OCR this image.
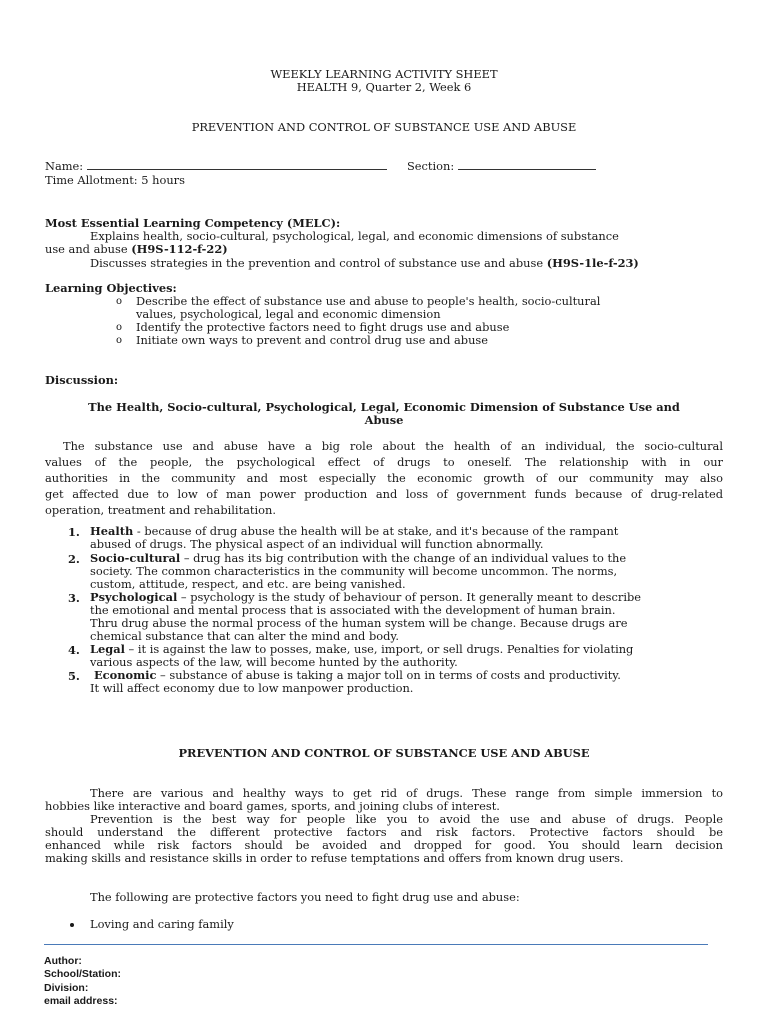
WEEKLY LEARNING ACTIVITY SHEET
HEALTH 9, Quarter 2, Week 6
PREVENTION AND CONTROL OF SUBSTANCE USE AND ABUSE
Name:	Section:
Time Allotment: 5 hours
Most Essential Learning Competency (MELC):
Explains health, socio-cultural, psychological, legal, and economic dimensions of substance
use and abuse (H9S-112-f-22)
Discusses strategies in the prevention and control of substance use and abuse (H9S-1le-f-23)
Learning Objectives:
o Describe the effect of substance use and abuse to people's health, socio-cultural
values, psychological, legal and economic dimension
o Identify the protective factors need to fight drugs use and abuse
o Initiate own ways to prevent and control drug use and abuse
Discussion:
The Health, Socio-cultural, Psychological, Legal, Economic Dimension of Substance Use and
Abuse
The substance use and abuse have a big role about the health of an individual, the socio-cultural
values of the people, the psychological effect of drugs to oneself. The relationship with in our
authorities in the community and most especially the economic growth of our community may also
get affected due to low of man power production and loss of government funds because of drug-related
operation, treatment and rehabilitation.
1. Health - because of drug abuse the health will be at stake, and it's because of the rampant
abused of drugs. The physical aspect of an individual will function abnormally.
2. Socio-cultural – drug has its big contribution with the change of an individual values to the
society. The common characteristics in the community will become uncommon. The norms,
custom, attitude, respect, and etc. are being vanished.
3. Psychological – psychology is the study of behaviour of person. It generally meant to describe
the emotional and mental process that is associated with the development of human brain.
Thru drug abuse the normal process of the human system will be change. Because drugs are
chemical substance that can alter the mind and body.
4. Legal – it is against the law to posses, make, use, import, or sell drugs. Penalties for violating
various aspects of the law, will become hunted by the authority.
5. Economic – substance of abuse is taking a major toll on in terms of costs and productivity.
It will affect economy due to low manpower production.
PREVENTION AND CONTROL OF SUBSTANCE USE AND ABUSE
There are various and healthy ways to get rid of drugs. These range from simple immersion to
hobbies like interactive and board games, sports, and joining clubs of interest.
Prevention is the best way for people like you to avoid the use and abuse of drugs. People
should understand the different protective factors and risk factors. Protective factors should be
enhanced while risk factors should be avoided and dropped for good. You should learn decision
making skills and resistance skills in order to refuse temptations and offers from known drug users.
The following are protective factors you need to fight drug use and abuse:
Loving and caring family
Author:
School/Station:
Division:
email address:
